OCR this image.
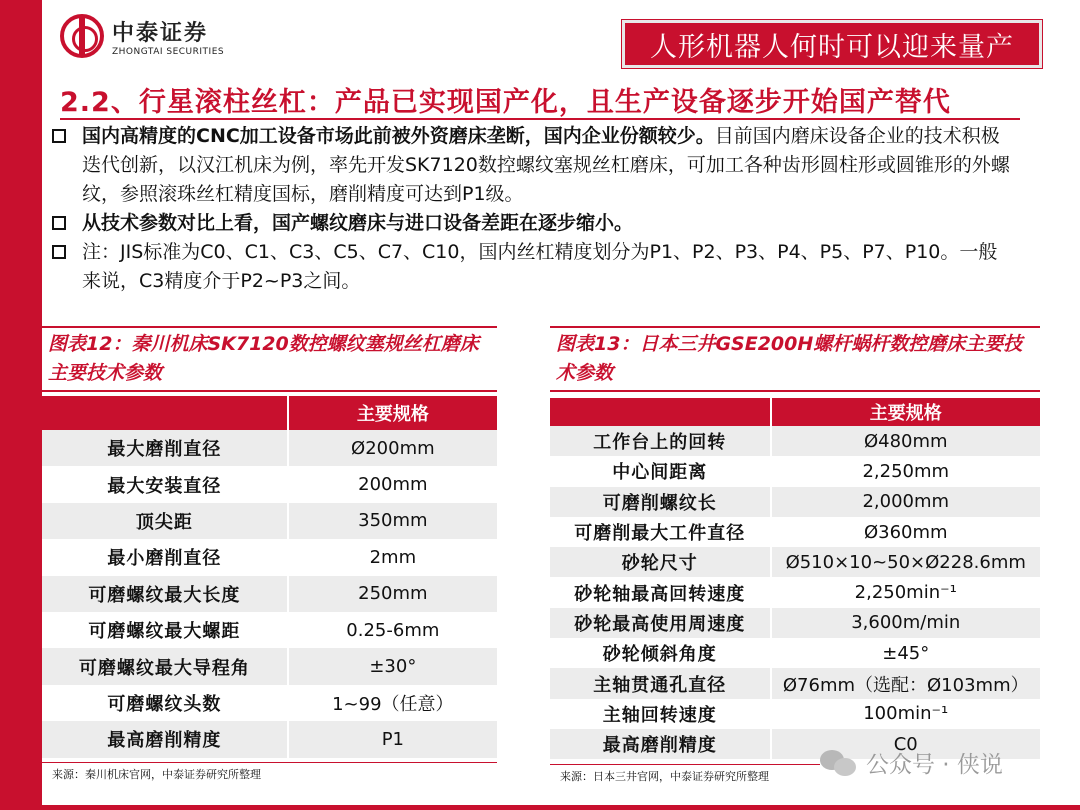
中泰证券
ZHONGTAI SECURITIES	人形机器人何时可以迎来量产
2.2、行星滚柱丝杠：产品已实现国产化，且生产设备逐步开始国产替代
国内高精度的CNC加工设备市场此前被外资磨床垄断，国内企业份额较少。目前国内磨床设备企业的技术积极迭代创新，以汉江机床为例，率先开发SK7120数控螺纹塞规丝杠磨床，可加工各种齿形圆柱形或圆锥形的外螺纹，参照滚珠丝杠精度国标，磨削精度可达到P1级。
从技术参数对比上看，国产螺纹磨床与进口设备差距在逐步缩小。
注：JIS标准为C0、C1、C3、C5、C7、C10，国内丝杠精度划分为P1、P2、P3、P4、P5、P7、P10。一般来说，C3精度介于P2~P3之间。
图表12：秦川机床SK7120数控螺纹塞规丝杠磨床主要技术参数
图表13：日本三井GSE200H螺杆蜗杆数控磨床主要技术参数
	主要规格
最大磨削直径	Ø200mm
最大安装直径	200mm
顶尖距	350mm
最小磨削直径	2mm
可磨螺纹最大长度	250mm
可磨螺纹最大螺距	0.25-6mm
可磨螺纹最大导程角	±30°
可磨螺纹头数	1~99（任意）
最高磨削精度	P1
	主要规格
工作台上的回转	Ø480mm
中心间距离	2,250mm
可磨削螺纹长	2,000mm
可磨削最大工件直径	Ø360mm
砂轮尺寸	Ø510×10~50×Ø228.6mm
砂轮轴最高回转速度	2,250min⁻¹
砂轮最高使用周速度	3,600m/min
砂轮倾斜角度	±45°
主轴贯通孔直径	Ø76mm（选配：Ø103mm）
主轴回转速度	100min⁻¹
最高磨削精度	C0
来源：秦川机床官网，中泰证券研究所整理	来源：日本三井官网，中泰证券研究所整理	公众号 · 侠说
